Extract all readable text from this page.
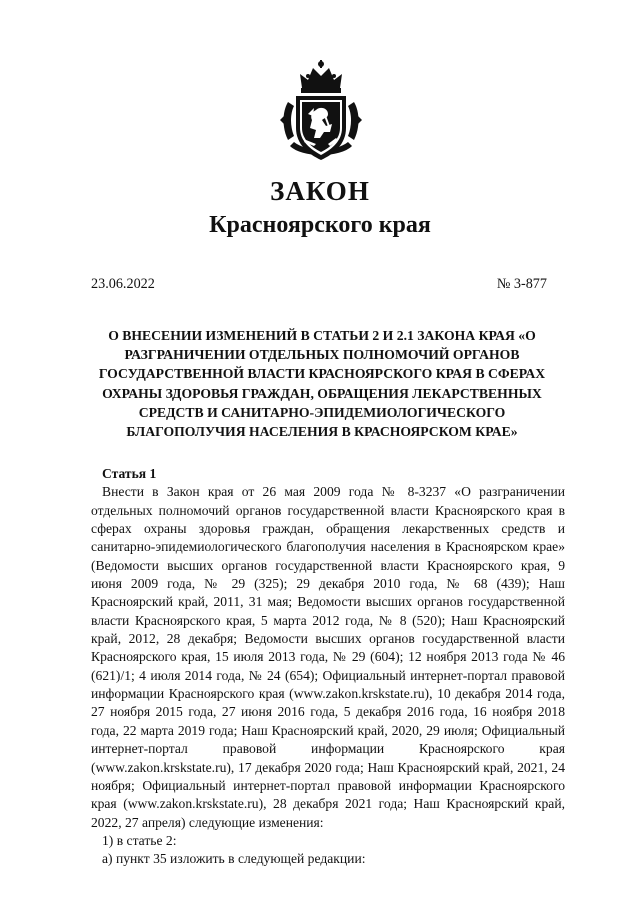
ЗАКОН
Красноярского края
23.06.2022	№ 3-877

О ВНЕСЕНИИ ИЗМЕНЕНИЙ В СТАТЬИ 2 И 2.1 ЗАКОНА КРАЯ «О РАЗГРАНИЧЕНИИ ОТДЕЛЬНЫХ ПОЛНОМОЧИЙ ОРГАНОВ ГОСУДАРСТВЕННОЙ ВЛАСТИ КРАСНОЯРСКОГО КРАЯ В СФЕРАХ ОХРАНЫ ЗДОРОВЬЯ ГРАЖДАН, ОБРАЩЕНИЯ ЛЕКАРСТВЕННЫХ СРЕДСТВ И САНИТАРНО-ЭПИДЕМИОЛОГИЧЕСКОГО БЛАГОПОЛУЧИЯ НАСЕЛЕНИЯ В КРАСНОЯРСКОМ КРАЕ»

Статья 1

Внести в Закон края от 26 мая 2009 года № 8-3237 «О разграничении отдельных полномочий органов государственной власти Красноярского края в сферах охраны здоровья граждан, обращения лекарственных средств и санитарно-эпидемиологического благополучия населения в Красноярском крае» (Ведомости высших органов государственной власти Красноярского края, 9 июня 2009 года, № 29 (325); 29 декабря 2010 года, № 68 (439); Наш Красноярский край, 2011, 31 мая; Ведомости высших органов государственной власти Красноярского края, 5 марта 2012 года, № 8 (520); Наш Красноярский край, 2012, 28 декабря; Ведомости высших органов государственной власти Красноярского края, 15 июля 2013 года, № 29 (604); 12 ноября 2013 года № 46 (621)/1; 4 июля 2014 года, № 24 (654); Официальный интернет-портал правовой информации Красноярского края (www.zakon.krskstate.ru), 10 декабря 2014 года, 27 ноября 2015 года, 27 июня 2016 года, 5 декабря 2016 года, 16 ноября 2018 года, 22 марта 2019 года; Наш Красноярский край, 2020, 29 июля; Официальный интернет-портал правовой информации Красноярского края (www.zakon.krskstate.ru), 17 декабря 2020 года; Наш Красноярский край, 2021, 24 ноября; Официальный интернет-портал правовой информации Красноярского края (www.zakon.krskstate.ru), 28 декабря 2021 года; Наш Красноярский край, 2022, 27 апреля) следующие изменения:

1) в статье 2:

а) пункт 35 изложить в следующей редакции:
